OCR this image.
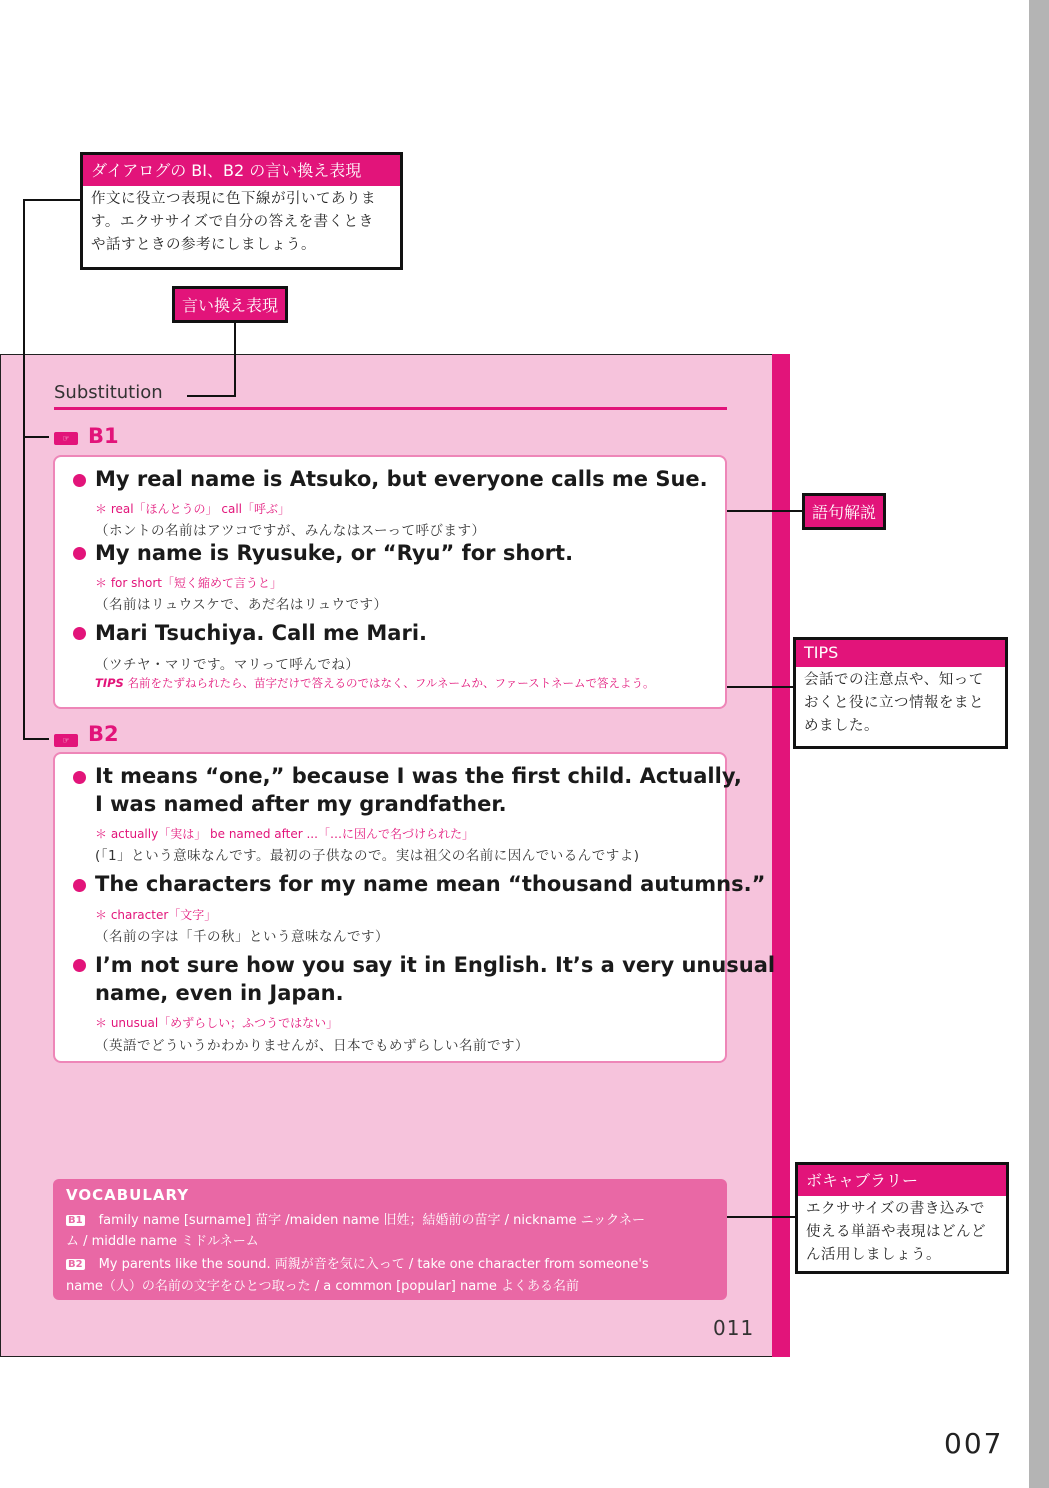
ダイアログの BI、B2 の言い換え表現
作文に役立つ表現に色下線が引いてありま
す。エクササイズで自分の答えを書くとき
や話すときの参考にしましょう。
言い換え表現
語句解説
TIPS
会話での注意点や、知って
おくと役に立つ情報をまと
めました。
ボキャブラリー
エクササイズの書き込みで
使える単語や表現はどんど
ん活用しましょう。
Substitution
☞ B1
My real name is Atsuko, but everyone calls me Sue.
＊ real「ほんとうの」 call「呼ぶ」
（ホントの名前はアツコですが、みんなはスーって呼びます）
My name is Ryusuke, or “Ryu” for short.
＊ for short「短く縮めて言うと」
（名前はリュウスケで、あだ名はリュウです）
Mari Tsuchiya. Call me Mari.
（ツチヤ・マリです。マリって呼んでね）
TIPS 名前をたずねられたら、苗字だけで答えるのではなく、フルネームか、ファーストネームで答えよう。
☞ B2
It means “one,” because I was the first child. Actually,
I was named after my grandfather.
＊ actually「実は」 be named after ...「…に因んで名づけられた」
(「1」という意味なんです。最初の子供なので。実は祖父の名前に因んでいるんですよ)
The characters for my name mean “thousand autumns.”
＊ character「文字」
（名前の字は「千の秋」という意味なんです）
I’m not sure how you say it in English. It’s a very unusual
name, even in Japan.
＊ unusual「めずらしい；ふつうではない」
（英語でどういうかわかりませんが、日本でもめずらしい名前です）
VOCABULARY
B1 family name [surname] 苗字 /maiden name 旧姓；結婚前の苗字 / nickname ニックネー
ム / middle name ミドルネーム
B2 My parents like the sound. 両親が音を気に入って / take one character from someone's
name（人）の名前の文字をひとつ取った / a common [popular] name よくある名前
011
007
